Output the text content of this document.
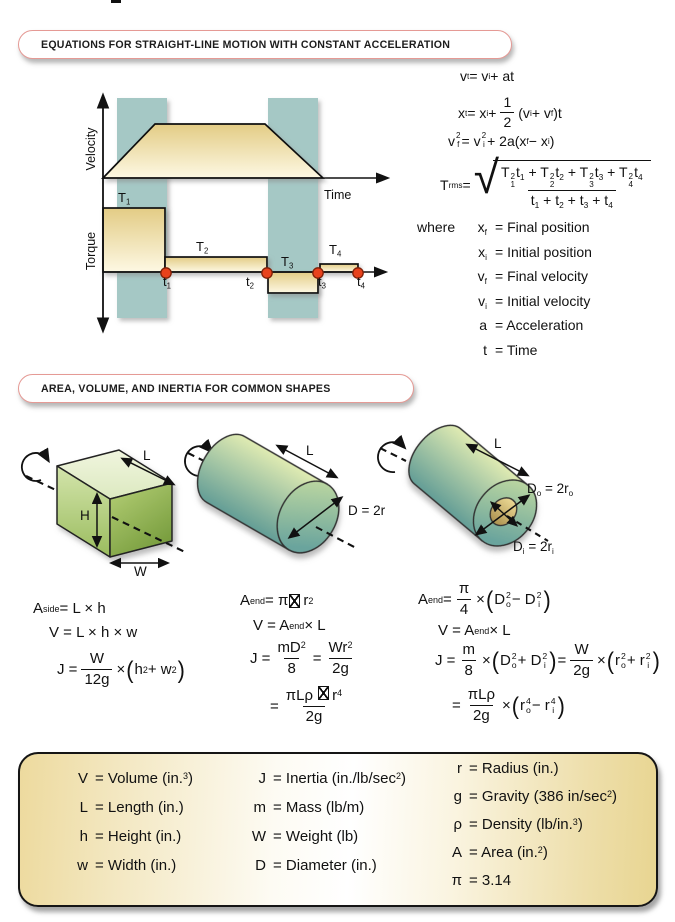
EQUATIONS FOR STRAIGHT-LINE MOTION WITH CONSTANT ACCELERATION
Velocity
Torque
Time
$T_1$
$T_2$
$T_3$
$T_4$
$t_1$	$t_2$	$t_3$ $t_4$
v t = v i + at
x t = x $i + \frac{1}{2} (v$ i + v f )t
v 2
f = v 2
i + 2a(x f − x i )
T rms = √ T 2
1
$t_1 + T$ 2
2
$t_2 + T$ 2
3
$t_3 + T$ 2
4
$t_4$
$t_1 + t_2 + t_3 + t_4$
where	$x_f$ = Final position
$x_i$ = Initial position
$v_f$ = Final velocity
$v_i$ = Initial velocity
a = Acceleration
t = Time
AREA, VOLUME, AND INERTIA FOR COMMON SHAPES
L
H
W
L
D = 2r
L
$D_o = 2r_o$
$D_i = 2r_i$
A side = L × h
V = L × h × w
$J = \frac{W}{12g}$ × ( h 2 + w 2 )
A end = π
r 2
V = A end × L
$J = \frac{mD^2}{8} = \frac{Wr^2}{2g}$
= $\frac{\pi L\rho r^4}{2g}$
A end = $\frac{\pi}{4}$ × ( D 2
o − D 2
i )
V = A end × L
$J = \frac{m}{8}$ × ( D 2
o + D 2
i ) = $\frac{W}{2g}$ × ( r 2
o + r 2
i )
= $\frac{\text{πLρ}}{2g}$ × ( r 4
o − r 4
i )
V = Volume (in.$^3$)
L = Length (in.)
h = Height (in.)
w = Width (in.)
J = Inertia $(in./lb/\sec^2)$
m = Mass (lb/m)
W = Weight (lb)
D = Diameter (in.)
r = Radius (in.)
g = Gravity (386 $in/\sec^2$)
ρ = Density (lb/in.$^3$)
A = Area (in.$^2$)
π = 3.14
